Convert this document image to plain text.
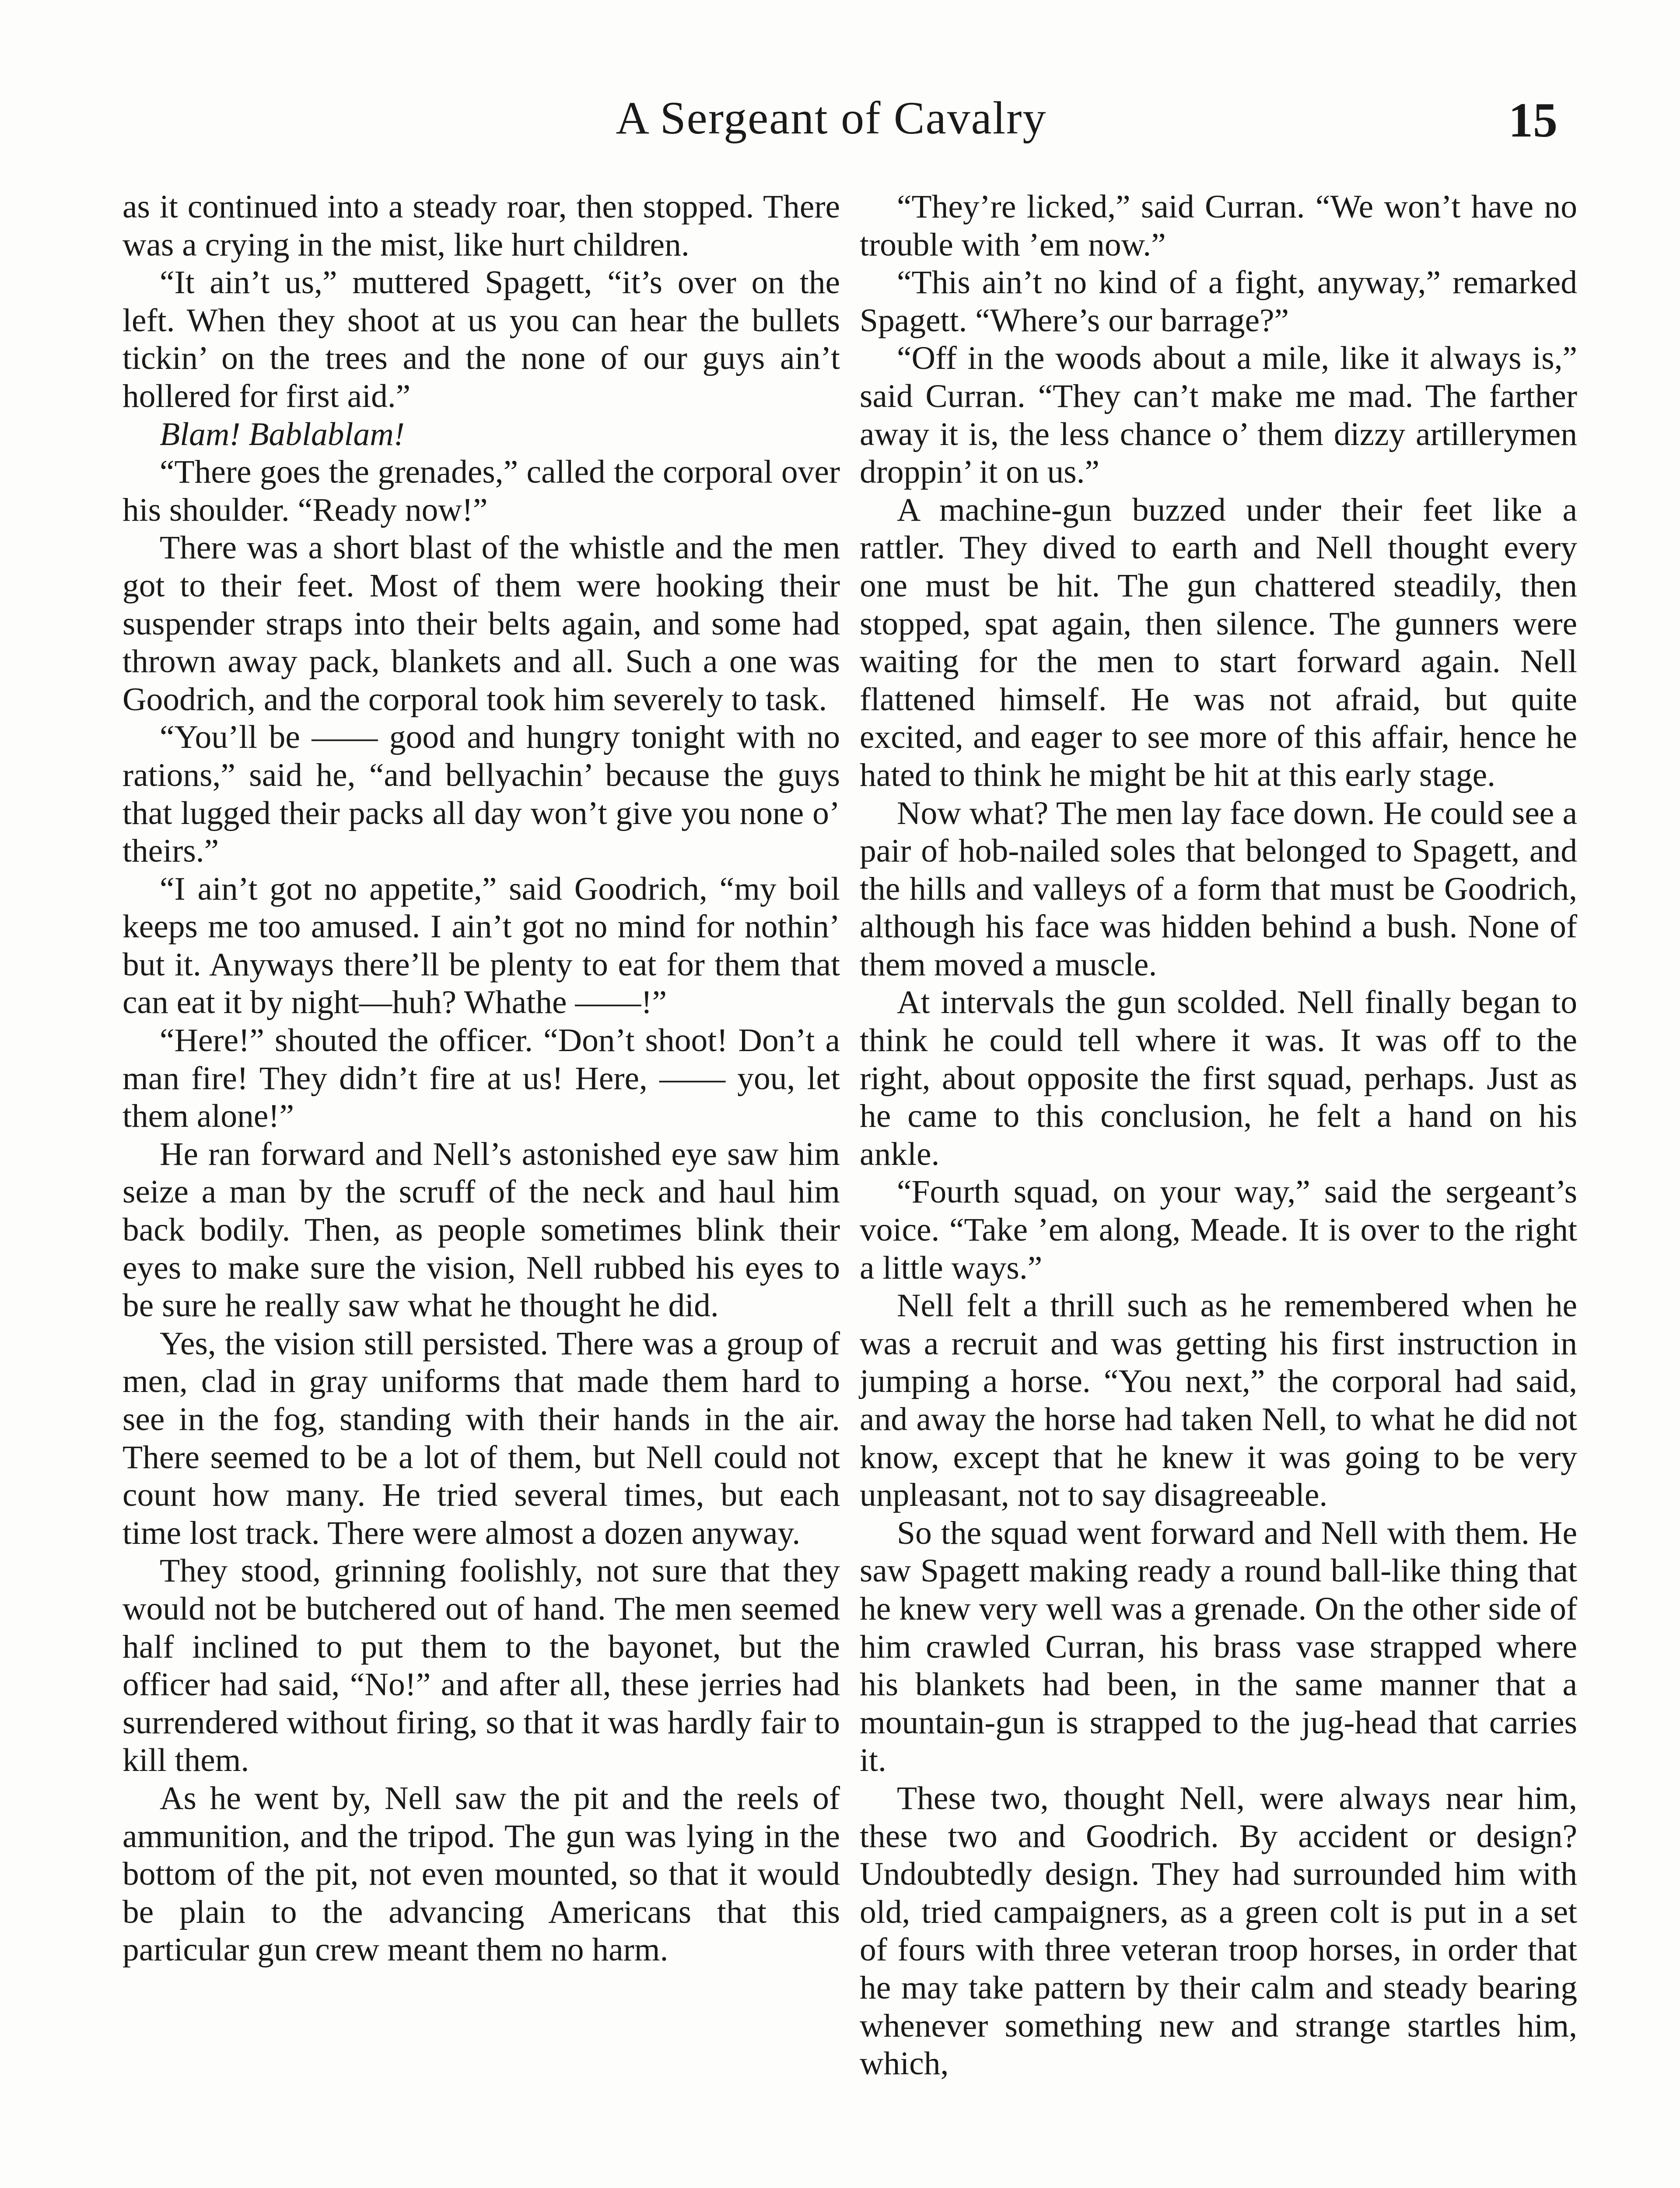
A Sergeant of Cavalry	15

as it continued into a steady roar, then stopped. There was a crying in the mist, like hurt children.

“It ain’t us,” muttered Spagett, “it’s over on the left. When they shoot at us you can hear the bullets tickin’ on the trees and the none of our guys ain’t hollered for first aid.”

Blam! Bablablam!

“There goes the grenades,” called the corporal over his shoulder. “Ready now!”

There was a short blast of the whistle and the men got to their feet. Most of them were hooking their suspender straps into their belts again, and some had thrown away pack, blankets and all. Such a one was Goodrich, and the corporal took him severely to task.

“You’ll be —— good and hungry tonight with no rations,” said he, “and bellyachin’ because the guys that lugged their packs all day won’t give you none o’ theirs.”

“I ain’t got no appetite,” said Goodrich, “my boil keeps me too amused. I ain’t got no mind for nothin’ but it. Anyways there’ll be plenty to eat for them that can eat it by night—huh? Whathe ——!”

“Here!” shouted the officer. “Don’t shoot! Don’t a man fire! They didn’t fire at us! Here, —— you, let them alone!”

He ran forward and Nell’s astonished eye saw him seize a man by the scruff of the neck and haul him back bodily. Then, as people sometimes blink their eyes to make sure the vision, Nell rubbed his eyes to be sure he really saw what he thought he did.

Yes, the vision still persisted. There was a group of men, clad in gray uniforms that made them hard to see in the fog, standing with their hands in the air. There seemed to be a lot of them, but Nell could not count how many. He tried several times, but each time lost track. There were almost a dozen anyway.

They stood, grinning foolishly, not sure that they would not be butchered out of hand. The men seemed half inclined to put them to the bayonet, but the officer had said, “No!” and after all, these jerries had surrendered without firing, so that it was hardly fair to kill them.

As he went by, Nell saw the pit and the reels of ammunition, and the tripod. The gun was lying in the bottom of the pit, not even mounted, so that it would be plain to the advancing Americans that this particular gun crew meant them no harm.

“They’re licked,” said Curran. “We won’t have no trouble with ’em now.”

“This ain’t no kind of a fight, anyway,” remarked Spagett. “Where’s our barrage?”

“Off in the woods about a mile, like it always is,” said Curran. “They can’t make me mad. The farther away it is, the less chance o’ them dizzy artillerymen droppin’ it on us.”

A machine-gun buzzed under their feet like a rattler. They dived to earth and Nell thought every one must be hit. The gun chattered steadily, then stopped, spat again, then silence. The gunners were waiting for the men to start forward again. Nell flattened himself. He was not afraid, but quite excited, and eager to see more of this affair, hence he hated to think he might be hit at this early stage.

Now what? The men lay face down. He could see a pair of hob-nailed soles that belonged to Spagett, and the hills and valleys of a form that must be Goodrich, although his face was hidden behind a bush. None of them moved a muscle.

At intervals the gun scolded. Nell finally began to think he could tell where it was. It was off to the right, about opposite the first squad, perhaps. Just as he came to this conclusion, he felt a hand on his ankle.

“Fourth squad, on your way,” said the sergeant’s voice. “Take ’em along, Meade. It is over to the right a little ways.”

Nell felt a thrill such as he remembered when he was a recruit and was getting his first instruction in jumping a horse. “You next,” the corporal had said, and away the horse had taken Nell, to what he did not know, except that he knew it was going to be very unpleasant, not to say disagreeable.

So the squad went forward and Nell with them. He saw Spagett making ready a round ball-like thing that he knew very well was a grenade. On the other side of him crawled Curran, his brass vase strapped where his blankets had been, in the same manner that a mountain-gun is strapped to the jug-head that carries it.

These two, thought Nell, were always near him, these two and Goodrich. By accident or design? Undoubtedly design. They had surrounded him with old, tried campaigners, as a green colt is put in a set of fours with three veteran troop horses, in order that he may take pattern by their calm and steady bearing whenever something new and strange startles him, which,
